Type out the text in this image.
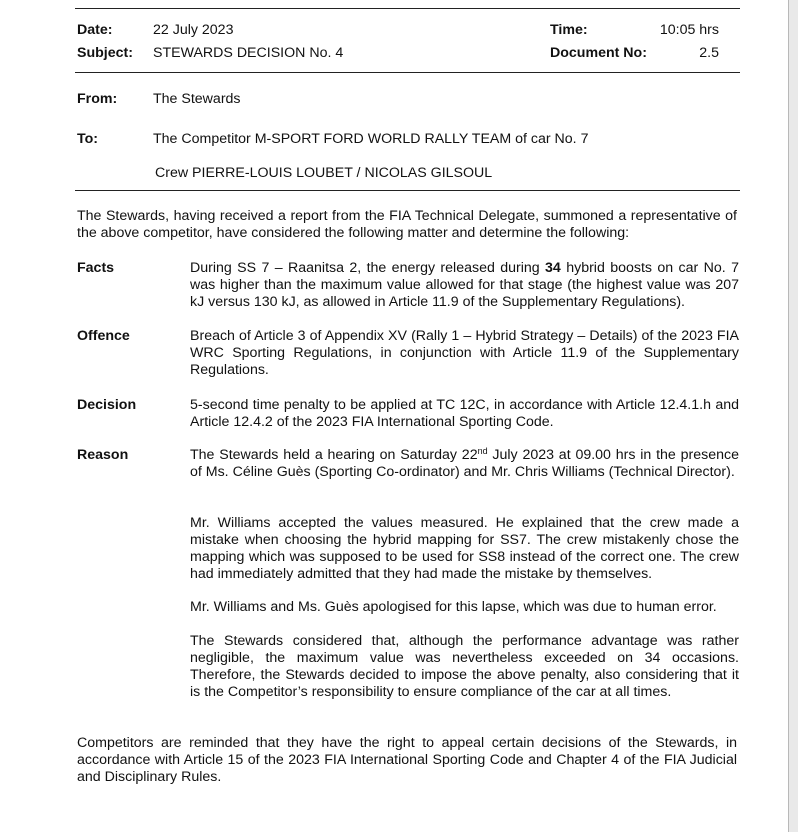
Date:	22 July 2023	Time:	10:05 hrs
Subject: STEWARDS DECISION No. 4	Document No:	2.5
From:	The Stewards
To:	The Competitor M-SPORT FORD WORLD RALLY TEAM of car No. 7
Crew PIERRE-LOUIS LOUBET / NICOLAS GILSOUL
The Stewards, having received a report from the FIA Technical Delegate, summoned a representative of the above competitor, have considered the following matter and determine the following:
Facts	During SS 7 – Raanitsa 2, the energy released during 34 hybrid boosts on car No. 7 was higher than the maximum value allowed for that stage (the highest value was 207 kJ versus 130 kJ, as allowed in Article 11.9 of the Supplementary Regulations).
Offence	Breach of Article 3 of Appendix XV (Rally 1 – Hybrid Strategy – Details) of the 2023 FIA WRC Sporting Regulations, in conjunction with Article 11.9 of the Supplementary Regulations.
Decision	5-second time penalty to be applied at TC 12C, in accordance with Article 12.4.1.h and Article 12.4.2 of the 2023 FIA International Sporting Code.
Reason	The Stewards held a hearing on Saturday 22nd July 2023 at 09.00 hrs in the presence of Ms. Céline Guès (Sporting Co-ordinator) and Mr. Chris Williams (Technical Director).
Mr. Williams accepted the values measured. He explained that the crew made a mistake when choosing the hybrid mapping for SS7. The crew mistakenly chose the mapping which was supposed to be used for SS8 instead of the correct one. The crew had immediately admitted that they had made the mistake by themselves.
Mr. Williams and Ms. Guès apologised for this lapse, which was due to human error.
The Stewards considered that, although the performance advantage was rather negligible, the maximum value was nevertheless exceeded on 34 occasions. Therefore, the Stewards decided to impose the above penalty, also considering that it is the Competitor’s responsibility to ensure compliance of the car at all times.
Competitors are reminded that they have the right to appeal certain decisions of the Stewards, in accordance with Article 15 of the 2023 FIA International Sporting Code and Chapter 4 of the FIA Judicial and Disciplinary Rules.
